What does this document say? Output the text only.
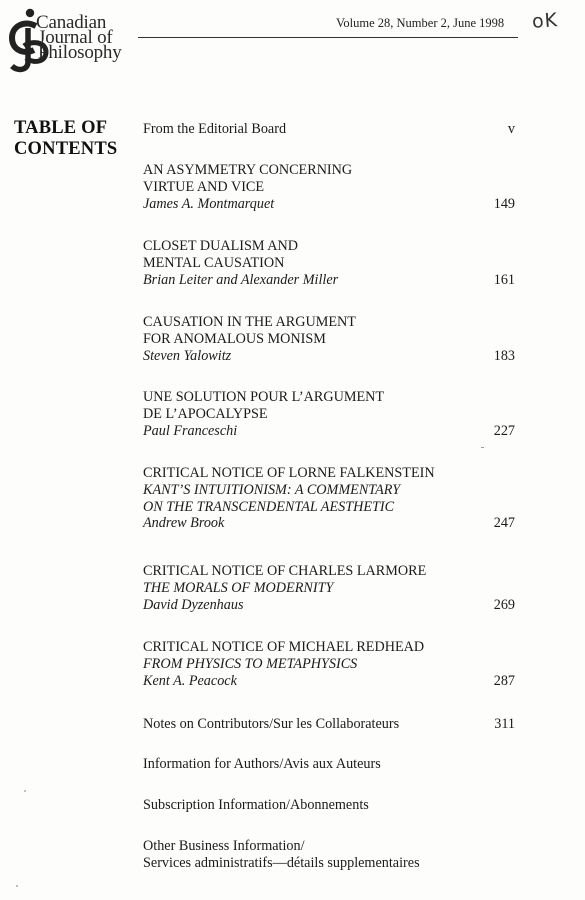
Canadian
Journal of
Philosophy
Volume 28, Number 2, June 1998 oK
TABLE OF
CONTENTS
From the Editorial Board	v
AN ASYMMETRY CONCERNING
VIRTUE AND VICE
James A. Montmarquet	149
CLOSET DUALISM AND
MENTAL CAUSATION
Brian Leiter and Alexander Miller	161
CAUSATION IN THE ARGUMENT
FOR ANOMALOUS MONISM
Steven Yalowitz	183
UNE SOLUTION POUR L’ARGUMENT
DE L’APOCALYPSE
Paul Franceschi	227
CRITICAL NOTICE OF LORNE FALKENSTEIN
KANT’S INTUITIONISM: A COMMENTARY
ON THE TRANSCENDENTAL AESTHETIC
Andrew Brook	247
CRITICAL NOTICE OF CHARLES LARMORE
THE MORALS OF MODERNITY
David Dyzenhaus	269
CRITICAL NOTICE OF MICHAEL REDHEAD
FROM PHYSICS TO METAPHYSICS
Kent A. Peacock	287
Notes on Contributors/Sur les Collaborateurs	311
Information for Authors/Avis aux Auteurs
Subscription Information/Abonnements
Other Business Information/
Services administratifs—détails supplementaires
